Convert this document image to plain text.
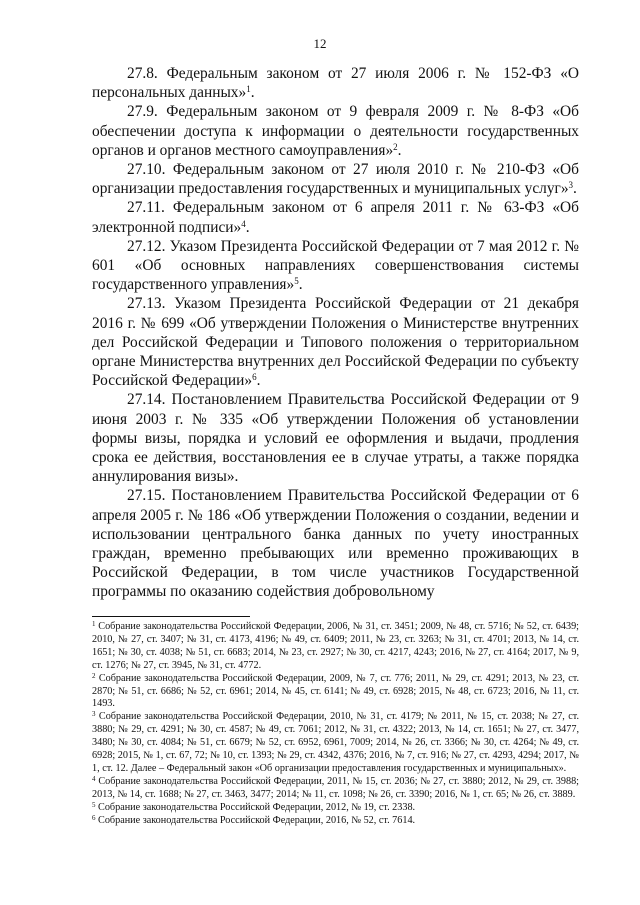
12

27.8. Федеральным законом от 27 июля 2006 г. № 152-ФЗ «О персональных данных»$^1$.

27.9. Федеральным законом от 9 февраля 2009 г. № 8-ФЗ «Об обеспечении доступа к информации о деятельности государственных органов и органов местного самоуправления»$^2$.

27.10. Федеральным законом от 27 июля 2010 г. № 210-ФЗ «Об организации предоставления государственных и муниципальных услуг»$^3$.

27.11. Федеральным законом от 6 апреля 2011 г. № 63-ФЗ «Об электронной подписи»$^4$.

27.12. Указом Президента Российской Федерации от 7 мая 2012 г. № 601 «Об основных направлениях совершенствования системы государственного управления»$^5$.

27.13. Указом Президента Российской Федерации от 21 декабря 2016 г. № 699 «Об утверждении Положения о Министерстве внутренних дел Российской Федерации и Типового положения о территориальном органе Министерства внутренних дел Российской Федерации по субъекту Российской Федерации»$^6$.

27.14. Постановлением Правительства Российской Федерации от 9 июня 2003 г. № 335 «Об утверждении Положения об установлении формы визы, порядка и условий ее оформления и выдачи, продления срока ее действия, восстановления ее в случае утраты, а также порядка аннулирования визы».

27.15. Постановлением Правительства Российской Федерации от 6 апреля 2005 г. № 186 «Об утверждении Положения о создании, ведении и использовании центрального банка данных по учету иностранных граждан, временно пребывающих или временно проживающих в Российской Федерации, в том числе участников Государственной программы по оказанию содействия добровольному

$^1$ Собрание законодательства Российской Федерации, 2006, № 31, ст. 3451; 2009, № 48, ст. 5716; № 52, ст. 6439; 2010, № 27, ст. 3407; № 31, ст. 4173, 4196; № 49, ст. 6409; 2011, № 23, ст. 3263; № 31, ст. 4701; 2013, № 14, ст. 1651; № 30, ст. 4038; № 51, ст. 6683; 2014, № 23, ст. 2927; № 30, ст. 4217, 4243; 2016, № 27, ст. 4164; 2017, № 9, ст. 1276; № 27, ст. 3945, № 31, ст. 4772.

$^2$ Собрание законодательства Российской Федерации, 2009, № 7, ст. 776; 2011, № 29, ст. 4291; 2013, № 23, ст. 2870; № 51, ст. 6686; № 52, ст. 6961; 2014, № 45, ст. 6141; № 49, ст. 6928; 2015, № 48, ст. 6723; 2016, № 11, ст. 1493.

$^3$ Собрание законодательства Российской Федерации, 2010, № 31, ст. 4179; № 2011, № 15, ст. 2038; № 27, ст. 3880; № 29, ст. 4291; № 30, ст. 4587; № 49, ст. 7061; 2012, № 31, ст. 4322; 2013, № 14, ст. 1651; № 27, ст. 3477, 3480; № 30, ст. 4084; № 51, ст. 6679; № 52, ст. 6952, 6961, 7009; 2014, № 26, ст. 3366; № 30, ст. 4264; № 49, ст. 6928; 2015, № 1, ст. 67, 72; № 10, ст. 1393; № 29, ст. 4342, 4376; 2016, № 7, ст. 916; № 27, ст. 4293, 4294; 2017, № 1, ст. 12. Далее – Федеральный закон «Об организации предоставления государственных и муниципальных».

$^4$ Собрание законодательства Российской Федерации, 2011, № 15, ст. 2036; № 27, ст. 3880; 2012, № 29, ст. 3988; 2013, № 14, ст. 1688; № 27, ст. 3463, 3477; 2014; № 11, ст. 1098; № 26, ст. 3390; 2016, № 1, ст. 65; № 26, ст. 3889.

$^5$ Собрание законодательства Российской Федерации, 2012, № 19, ст. 2338.

$^6$ Собрание законодательства Российской Федерации, 2016, № 52, ст. 7614.
